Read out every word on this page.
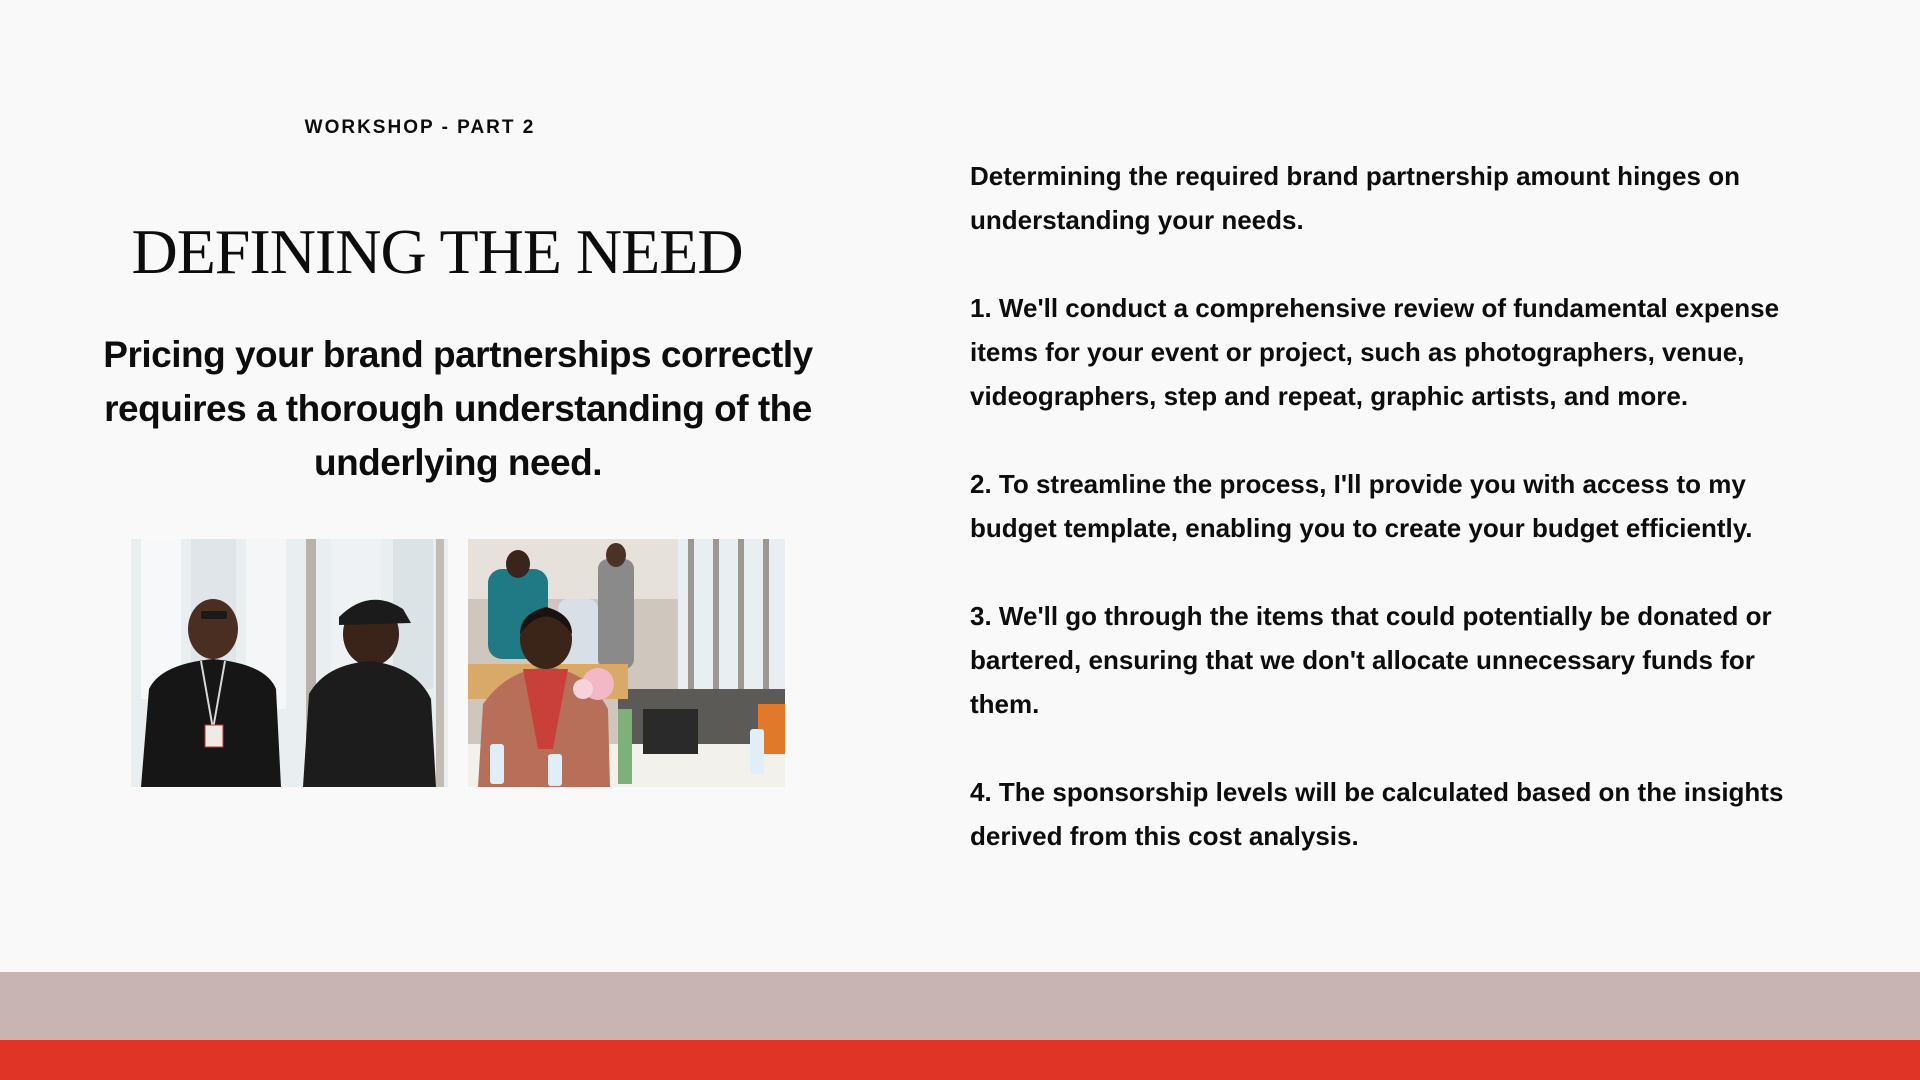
WORKSHOP - PART 2
DEFINING THE NEED
Pricing your brand partnerships correctly requires a thorough understanding of the underlying need.

Determining the required brand partnership amount hinges on understanding your needs.

1. We'll conduct a comprehensive review of fundamental expense items for your event or project, such as photographers, venue, videographers, step and repeat, graphic artists, and more.

2. To streamline the process, I'll provide you with access to my budget template, enabling you to create your budget efficiently.

3. We'll go through the items that could potentially be donated or bartered, ensuring that we don't allocate unnecessary funds for them.

4. The sponsorship levels will be calculated based on the insights derived from this cost analysis.
